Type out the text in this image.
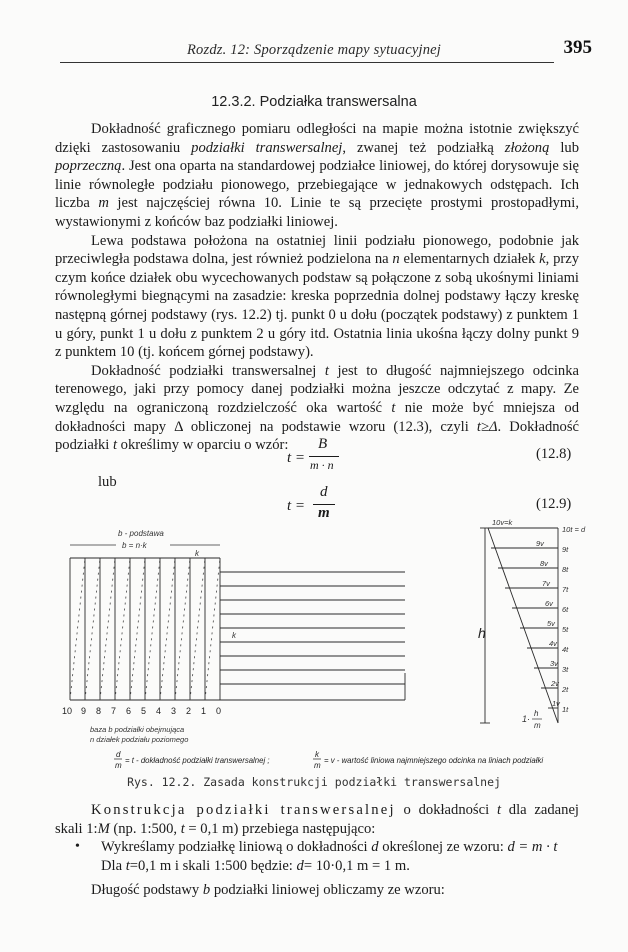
Rozdz. 12: Sporządzenie mapy sytuacyjnej	395
12.3.2. Podziałka transwersalna

Dokładność graficznego pomiaru odległości na mapie można istotnie zwiększyć dzięki zastosowaniu podziałki transwersalnej, zwanej też podziałką złożoną lub poprzeczną. Jest ona oparta na standardowej podziałce liniowej, do której dorysowuje się linie równoległe podziału pionowego, przebiegające w jednakowych odstępach. Ich liczba m jest najczęściej równa 10. Linie te są przecięte prostymi prostopadłymi, wystawionymi z końców baz podziałki liniowej.

Lewa podstawa położona na ostatniej linii podziału pionowego, podobnie jak przeciwległa podstawa dolna, jest również podzielona na n elementarnych działek k, przy czym końce działek obu wycechowanych podstaw są połączone z sobą ukośnymi liniami równoległymi biegnącymi na zasadzie: kreska poprzednia dolnej podstawy łączy kreskę następną górnej podstawy (rys. 12.2) tj. punkt 0 u dołu (początek podstawy) z punktem 1 u góry, punkt 1 u dołu z punktem 2 u góry itd. Ostatnia linia ukośna łączy dolny punkt 9 z punktem 10 (tj. końcem górnej podstawy).

Dokładność podziałki transwersalnej t jest to długość najmniejszego odcinka terenowego, jaki przy pomocy danej podziałki można jeszcze odczytać z mapy. Ze względu na ograniczoną rozdzielczość oka wartość t nie może być mniejsza od dokładności mapy Δ obliczonej na podstawie wzoru (12.3), czyli t≥Δ. Dokładność podziałki t określimy w oparciu o wzór:

t =
B
m · n
(12.8)
lub
t =
d
m
(12.9)
b - podstawa
b = n·k
k
k
10 9 8 7 6 5 4 3 2 1 0
baza b podziałki obejmująca
n działek podziału poziomego
10v=k
10t = d
h
9v
8v
7v
6v
5v
4v
3v
2v
1v
9t
8t
7t
6t
5t
4t
3t
2t
1t
1·
h
m
d
m
= t - dokładność podziałki transwersalnej ;
k
m
= v - wartość liniowa najmniejszego odcinka na liniach podziałki
Rys. 12.2. Zasada konstrukcji podziałki transwersalnej

Konstrukcja podziałki transwersalnej o dokładności t dla zadanej skali 1:M (np. 1:500, t = 0,1 m) przebiega następująco:

• Wykreślamy podziałkę liniową o dokładności d określonej ze wzoru: d = m · t
Dla t=0,1 m i skali 1:500 będzie: d= 10·0,1 m = 1 m.

Długość podstawy b podziałki liniowej obliczamy ze wzoru:
